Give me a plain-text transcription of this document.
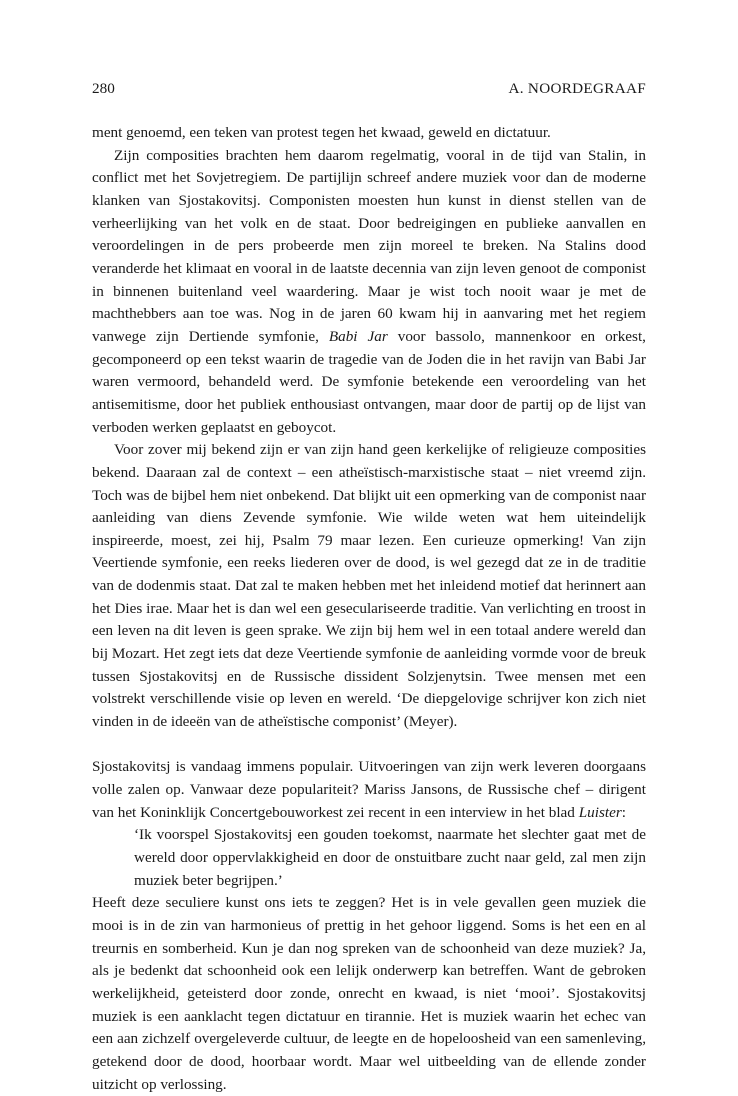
280	A. NOORDEGRAAF

ment genoemd, een teken van protest tegen het kwaad, geweld en dictatuur.

Zijn composities brachten hem daarom regelmatig, vooral in de tijd van Stalin, in conflict met het Sovjetregiem. De partijlijn schreef andere muziek voor dan de moderne klanken van Sjostakovitsj. Componisten moesten hun kunst in dienst stellen van de verheerlijking van het volk en de staat. Door bedreigingen en publieke aanvallen en veroordelingen in de pers probeerde men zijn moreel te breken. Na Stalins dood veranderde het klimaat en vooral in de laatste decennia van zijn leven genoot de componist in binnenen buitenland veel waardering. Maar je wist toch nooit waar je met de machthebbers aan toe was. Nog in de jaren 60 kwam hij in aanvaring met het regiem vanwege zijn Dertiende symfonie, Babi Jar voor bassolo, mannenkoor en orkest, gecomponeerd op een tekst waarin de tragedie van de Joden die in het ravijn van Babi Jar waren vermoord, behandeld werd. De symfonie betekende een veroordeling van het antisemitisme, door het publiek enthousiast ontvangen, maar door de partij op de lijst van verboden werken geplaatst en geboycot.

Voor zover mij bekend zijn er van zijn hand geen kerkelijke of religieuze composities bekend. Daaraan zal de context – een atheïstisch-marxistische staat – niet vreemd zijn. Toch was de bijbel hem niet onbekend. Dat blijkt uit een opmerking van de componist naar aanleiding van diens Zevende symfonie. Wie wilde weten wat hem uiteindelijk inspireerde, moest, zei hij, Psalm 79 maar lezen. Een curieuze opmerking! Van zijn Veertiende symfonie, een reeks liederen over de dood, is wel gezegd dat ze in de traditie van de dodenmis staat. Dat zal te maken hebben met het inleidend motief dat herinnert aan het Dies irae. Maar het is dan wel een geseculariseerde traditie. Van verlichting en troost in een leven na dit leven is geen sprake. We zijn bij hem wel in een totaal andere wereld dan bij Mozart. Het zegt iets dat deze Veertiende symfonie de aanleiding vormde voor de breuk tussen Sjostakovitsj en de Russische dissident Solzjenytsin. Twee mensen met een volstrekt verschillende visie op leven en wereld. ‘De diepgelovige schrijver kon zich niet vinden in de ideeën van de atheïstische componist’ (Meyer).

Sjostakovitsj is vandaag immens populair. Uitvoeringen van zijn werk leveren doorgaans volle zalen op. Vanwaar deze populariteit? Mariss Jansons, de Russische chef – dirigent van het Koninklijk Concertgebouworkest zei recent in een interview in het blad Luister:

‘Ik voorspel Sjostakovitsj een gouden toekomst, naarmate het slechter gaat met de wereld door oppervlakkigheid en door de onstuitbare zucht naar geld, zal men zijn muziek beter begrijpen.’

Heeft deze seculiere kunst ons iets te zeggen? Het is in vele gevallen geen muziek die mooi is in de zin van harmonieus of prettig in het gehoor liggend. Soms is het een en al treurnis en somberheid. Kun je dan nog spreken van de schoonheid van deze muziek? Ja, als je bedenkt dat schoonheid ook een lelijk onderwerp kan betreffen. Want de gebroken werkelijkheid, geteisterd door zonde, onrecht en kwaad, is niet ‘mooi’. Sjostakovitsj muziek is een aanklacht tegen dictatuur en tirannie. Het is muziek waarin het echec van een aan zichzelf overgeleverde cultuur, de leegte en de hopeloosheid van een samenleving, getekend door de dood, hoorbaar wordt. Maar wel uitbeelding van de ellende zonder uitzicht op verlossing.
